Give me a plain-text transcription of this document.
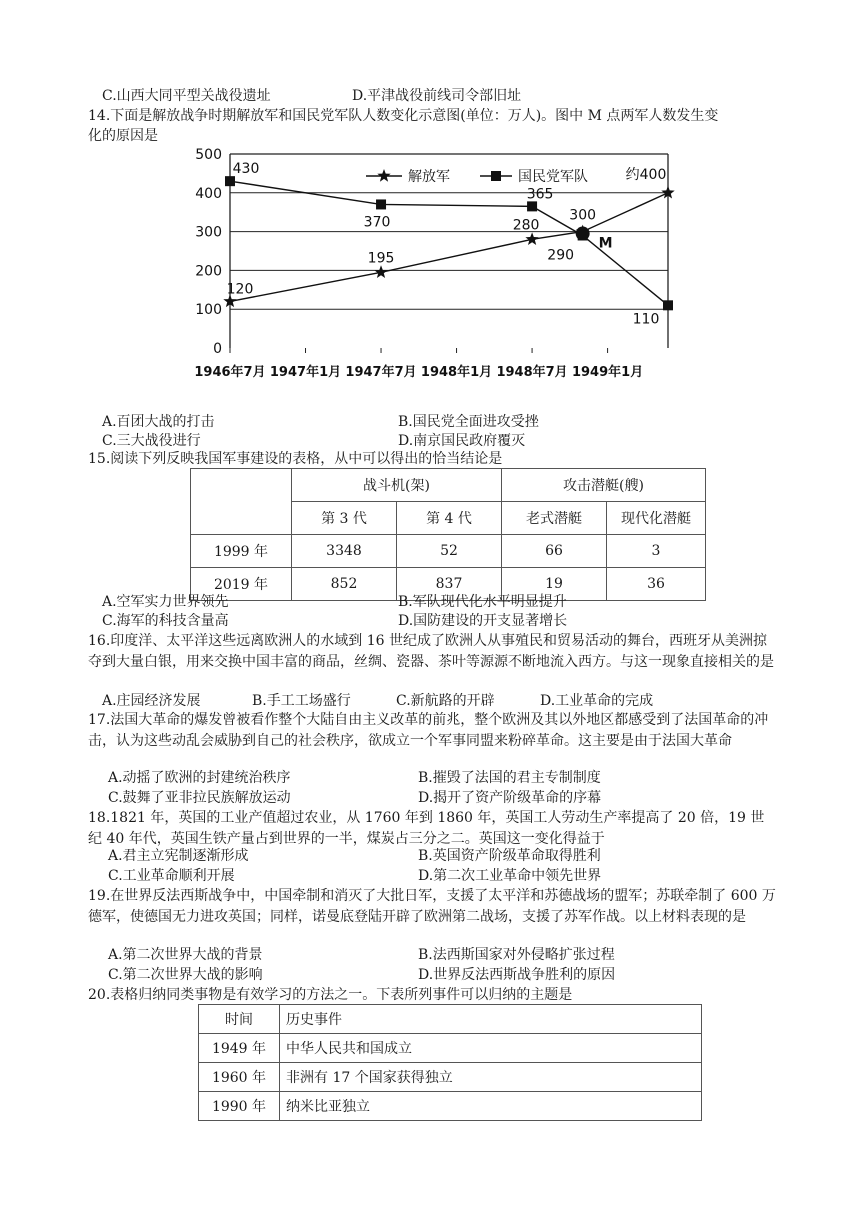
C.山西大同平型关战役遗址	D.平津战役前线司令部旧址
14.下面是解放战争时期解放军和国民党军队人数变化示意图(单位：万人)。图中 M 点两军人数发生变
化的原因是
0
100
200
300
400
500
1946年7月 1947年1月 1947年7月 1948年1月 1948年7月 1949年1月
120
195
280
300
约400
430
370
365
290
110
M
解放军	国民党军队
A.百团大战的打击	B.国民党全面进攻受挫
C.三大战役进行	D.南京国民政府覆灭
15.阅读下列反映我国军事建设的表格，从中可以得出的恰当结论是
	战斗机(架)		攻击潜艇(艘)	
	第 3 代	第 4 代	老式潜艇	现代化潜艇
1999 年	3348	52	66	3
2019 年	852	837	19	36
A.空军实力世界领先	B.军队现代化水平明显提升
C.海军的科技含量高	D.国防建设的开支显著增长
16.印度洋、太平洋这些远离欧洲人的水域到 16 世纪成了欧洲人从事殖民和贸易活动的舞台，西班牙从美洲掠夺到大量白银，用来交换中国丰富的商品，丝绸、瓷器、茶叶等源源不断地流入西方。与这一现象直接相关的是
A.庄园经济发展	B.手工工场盛行	C.新航路的开辟	D.工业革命的完成
17.法国大革命的爆发曾被看作整个大陆自由主义改革的前兆，整个欧洲及其以外地区都感受到了法国革命的冲击，认为这些动乱会威胁到自己的社会秩序，欲成立一个军事同盟来粉碎革命。这主要是由于法国大革命
A.动摇了欧洲的封建统治秩序	B.摧毁了法国的君主专制制度
C.鼓舞了亚非拉民族解放运动	D.揭开了资产阶级革命的序幕
18.1821 年，英国的工业产值超过农业，从 1760 年到 1860 年，英国工人劳动生产率提高了 20 倍，19 世纪 40 年代，英国生铁产量占到世界的一半，煤炭占三分之二。英国这一变化得益于
A.君主立宪制逐渐形成	B.英国资产阶级革命取得胜利
C.工业革命顺利开展	D.第二次工业革命中领先世界
19.在世界反法西斯战争中，中国牵制和消灭了大批日军，支援了太平洋和苏德战场的盟军；苏联牵制了 600 万德军，使德国无力进攻英国；同样，诺曼底登陆开辟了欧洲第二战场，支援了苏军作战。以上材料表现的是
A.第二次世界大战的背景	B.法西斯国家对外侵略扩张过程
C.第二次世界大战的影响	D.世界反法西斯战争胜利的原因
20.表格归纳同类事物是有效学习的方法之一。下表所列事件可以归纳的主题是
时间	历史事件
1949 年	中华人民共和国成立
1960 年	非洲有 17 个国家获得独立
1990 年	纳米比亚独立
